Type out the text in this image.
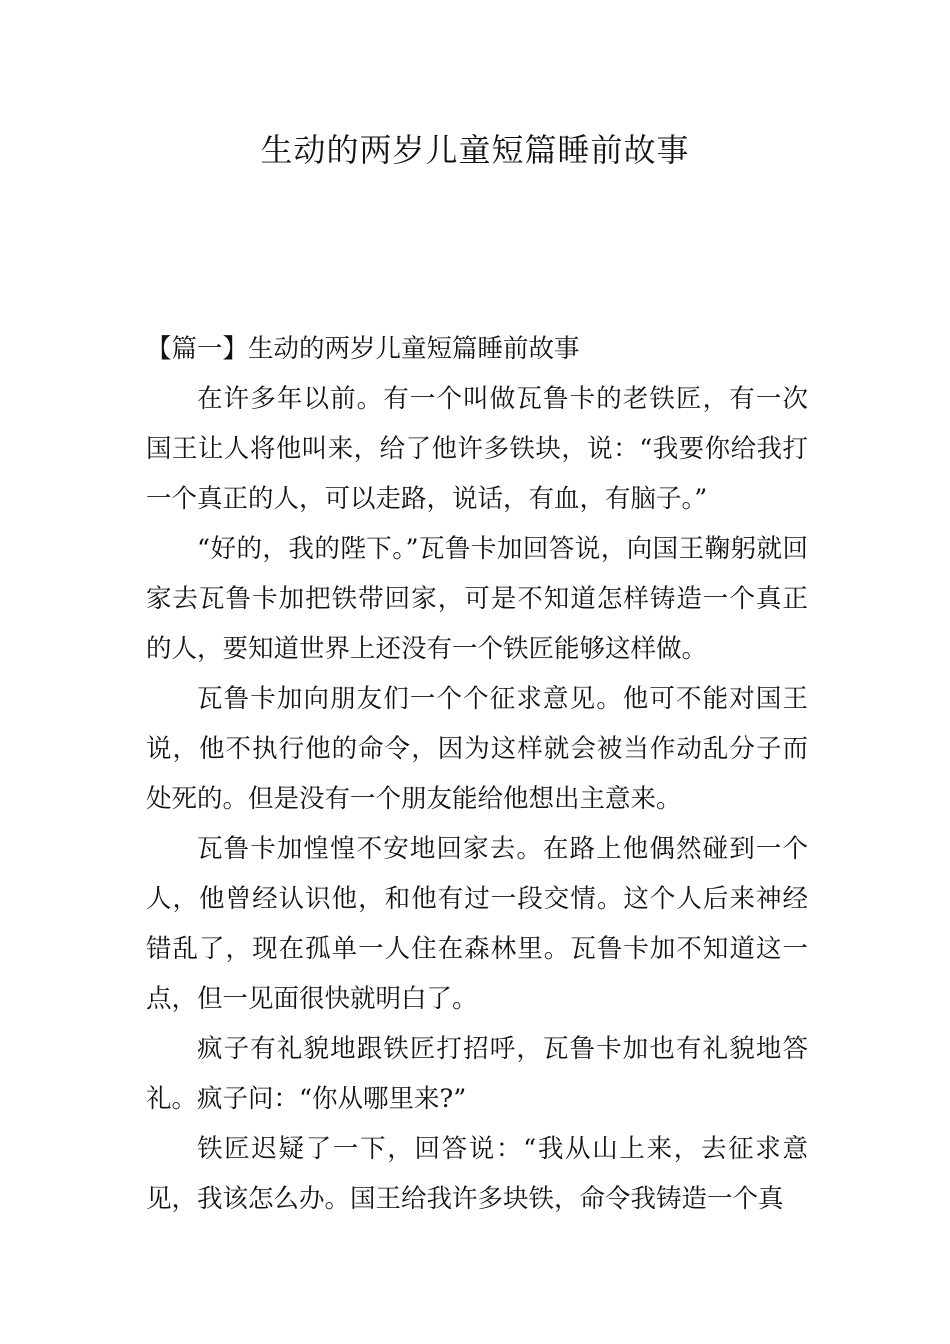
生动的两岁儿童短篇睡前故事
【篇一】生动的两岁儿童短篇睡前故事

在许多年以前。有一个叫做瓦鲁卡的老铁匠，有一次国王让人将他叫来，给了他许多铁块，说：“我要你给我打一个真正的人，可以走路，说话，有血，有脑子。”

“好的，我的陛下。”瓦鲁卡加回答说，向国王鞠躬就回家去瓦鲁卡加把铁带回家，可是不知道怎样铸造一个真正的人，要知道世界上还没有一个铁匠能够这样做。

瓦鲁卡加向朋友们一个个征求意见。他可不能对国王说，他不执行他的命令，因为这样就会被当作动乱分子而处死的。但是没有一个朋友能给他想出主意来。

瓦鲁卡加惶惶不安地回家去。在路上他偶然碰到一个人，他曾经认识他，和他有过一段交情。这个人后来神经错乱了，现在孤单一人住在森林里。瓦鲁卡加不知道这一点，但一见面很快就明白了。

疯子有礼貌地跟铁匠打招呼，瓦鲁卡加也有礼貌地答礼。疯子问：“你从哪里来?”

铁匠迟疑了一下，回答说：“我从山上来，去征求意见，我该怎么办。国王给我许多块铁，命令我铸造一个真
